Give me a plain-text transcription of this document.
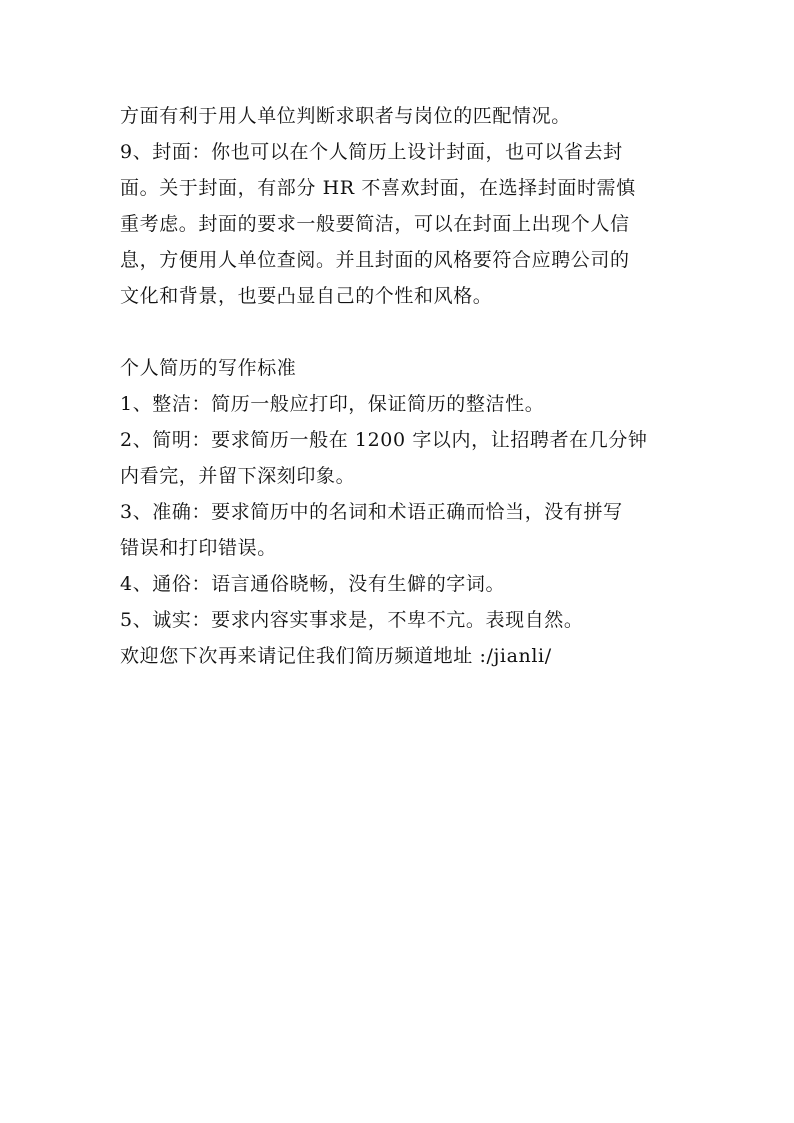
方面有利于用人单位判断求职者与岗位的匹配情况。
9、封面：你也可以在个人简历上设计封面，也可以省去封
面。关于封面，有部分 HR 不喜欢封面，在选择封面时需慎
重考虑。封面的要求一般要简洁，可以在封面上出现个人信
息，方便用人单位查阅。并且封面的风格要符合应聘公司的
文化和背景，也要凸显自己的个性和风格。
个人简历的写作标准
1、整洁：简历一般应打印，保证简历的整洁性。
2、简明：要求简历一般在 1200 字以内，让招聘者在几分钟
内看完，并留下深刻印象。
3、准确：要求简历中的名词和术语正确而恰当，没有拼写
错误和打印错误。
4、通俗：语言通俗晓畅，没有生僻的字词。
5、诚实：要求内容实事求是，不卑不亢。表现自然。
欢迎您下次再来请记住我们简历频道地址 :/jianli/
